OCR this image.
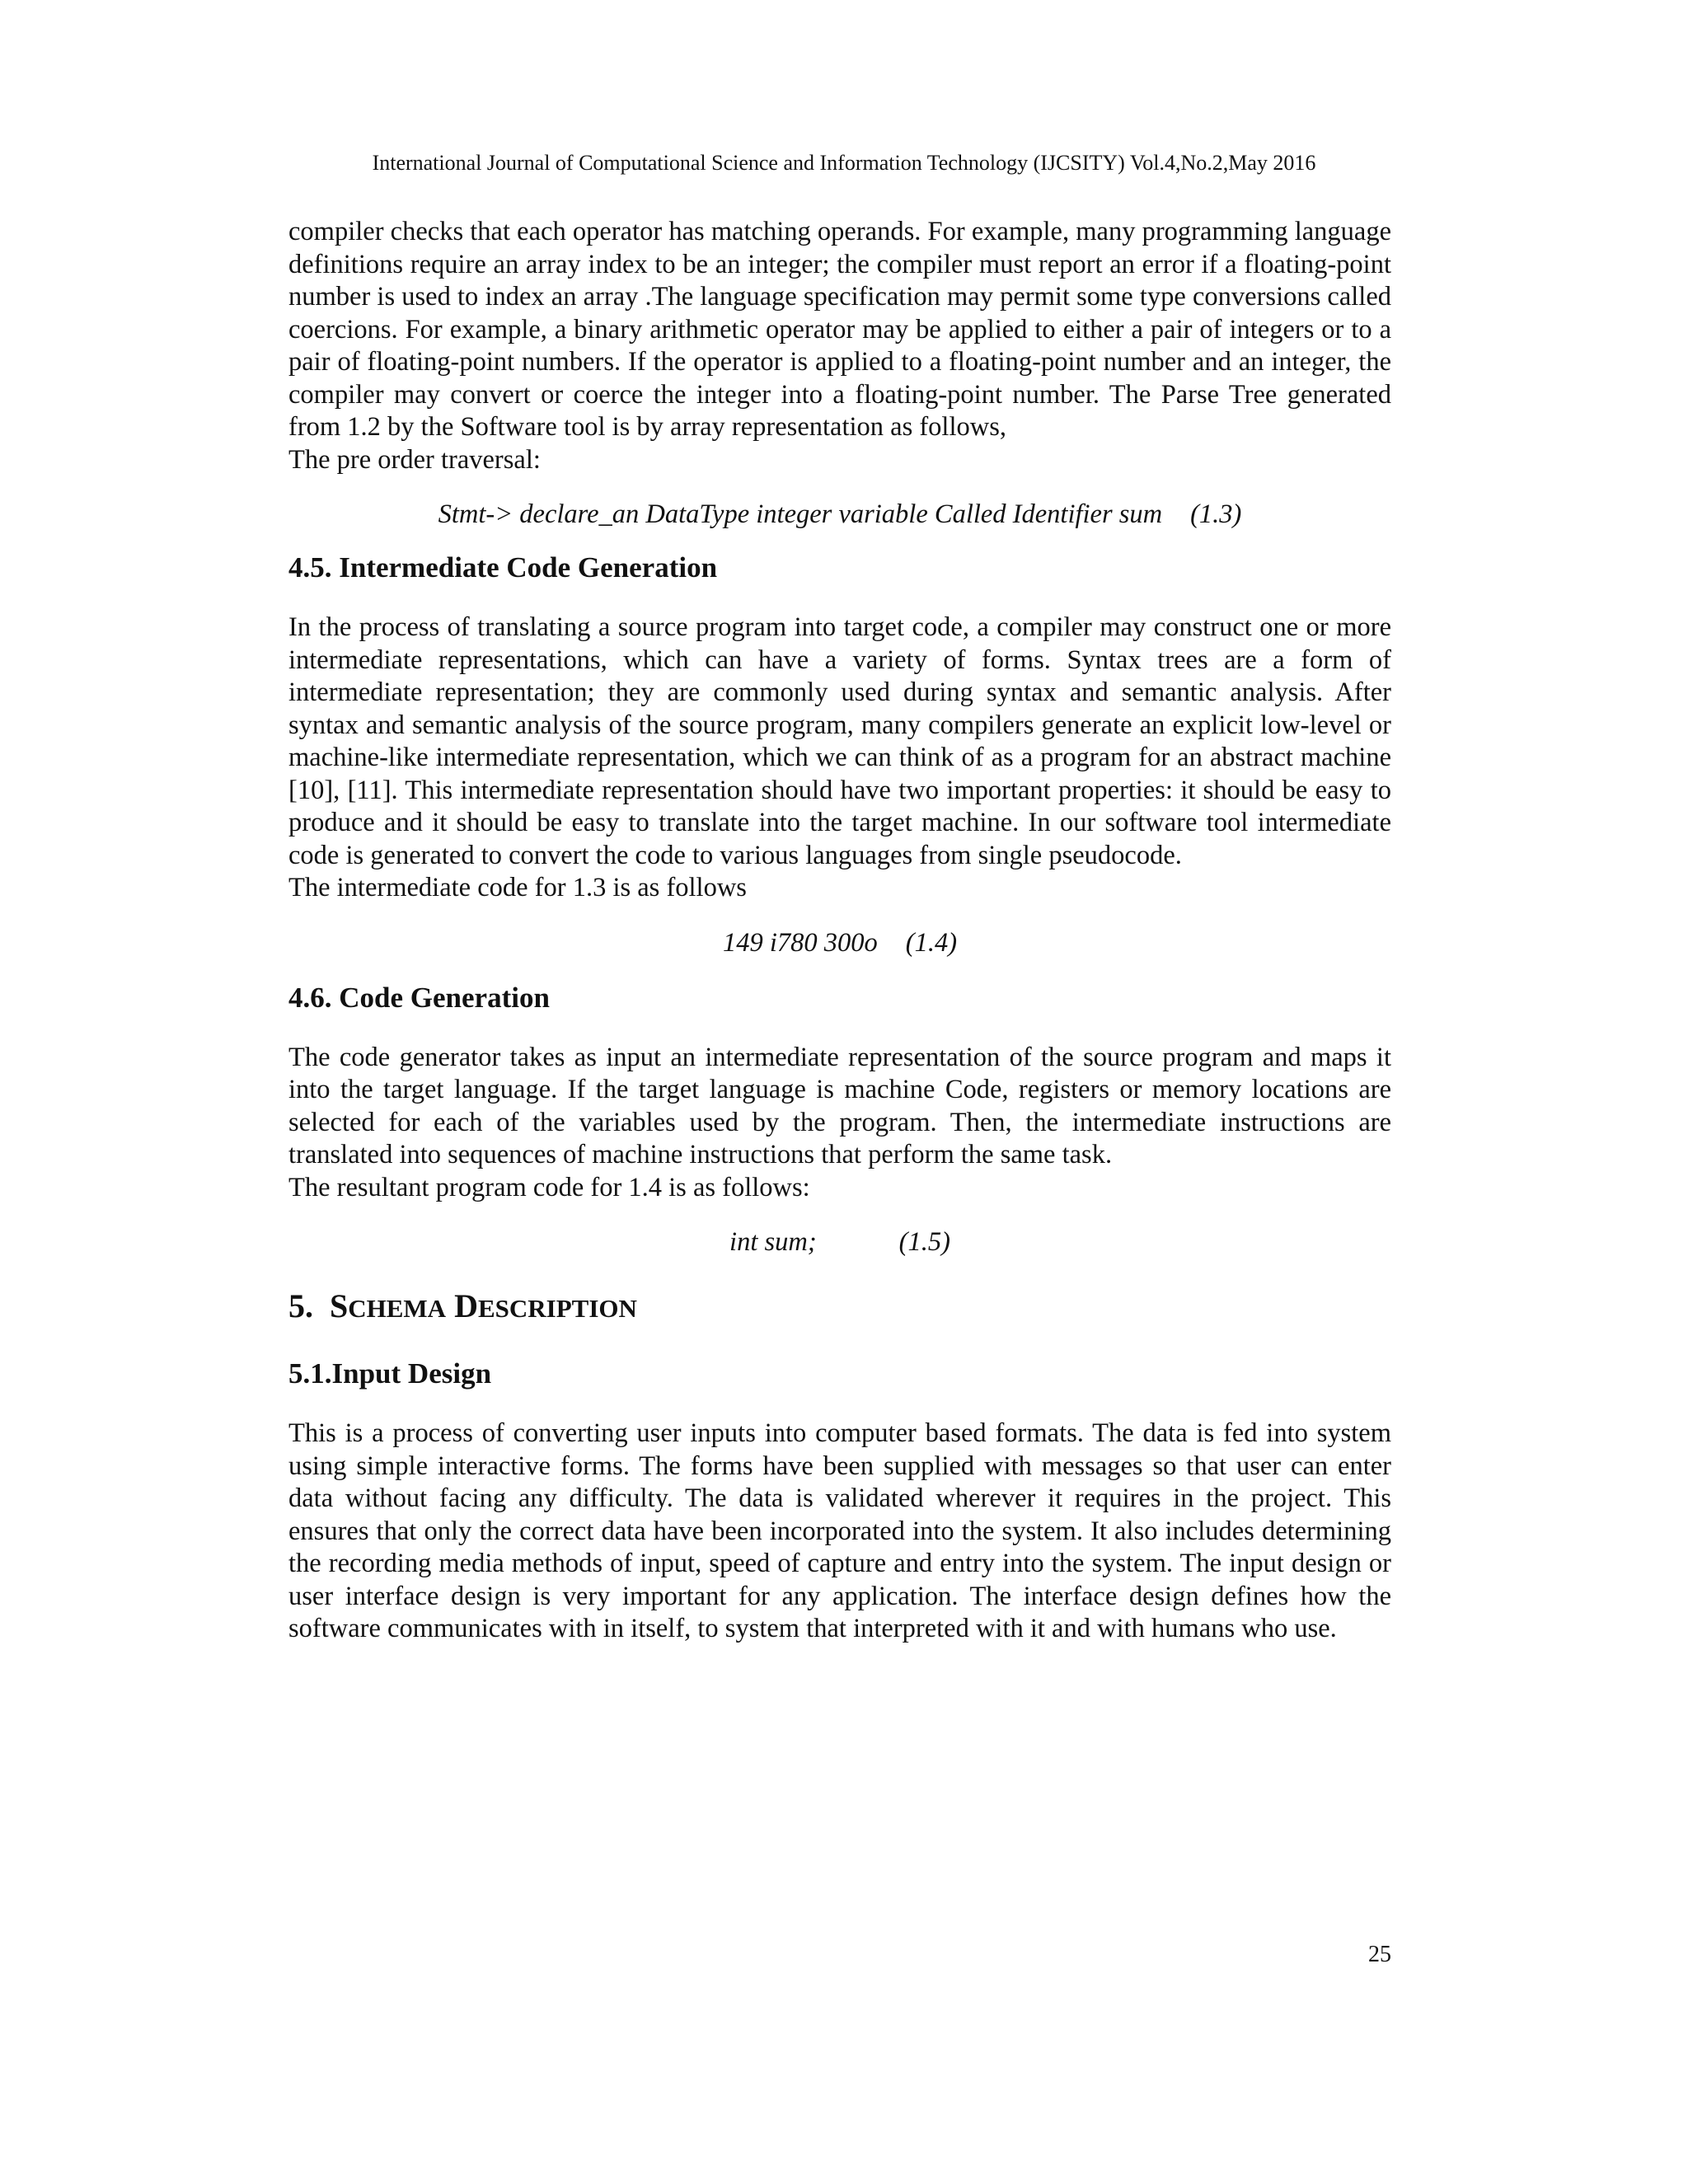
International Journal of Computational Science and Information Technology (IJCSITY) Vol.4,No.2,May 2016

compiler checks that each operator has matching operands. For example, many programming language definitions require an array index to be an integer; the compiler must report an error if a floating-point number is used to index an array .The language specification may permit some type conversions called coercions. For example, a binary arithmetic operator may be applied to either a pair of integers or to a pair of floating-point numbers. If the operator is applied to a floating-point number and an integer, the compiler may convert or coerce the integer into a floating-point number. The Parse Tree generated from 1.2 by the Software tool is by array representation as follows,

The pre order traversal:

Stmt-> declare_an DataType integer variable Called Identifier sum (1.3)
4.5. Intermediate Code Generation

In the process of translating a source program into target code, a compiler may construct one or more intermediate representations, which can have a variety of forms. Syntax trees are a form of intermediate representation; they are commonly used during syntax and semantic analysis. After syntax and semantic analysis of the source program, many compilers generate an explicit low-level or machine-like intermediate representation, which we can think of as a program for an abstract machine [10], [11]. This intermediate representation should have two important properties: it should be easy to produce and it should be easy to translate into the target machine. In our software tool intermediate code is generated to convert the code to various languages from single pseudocode.

The intermediate code for 1.3 is as follows

149 i780 300o (1.4)
4.6. Code Generation

The code generator takes as input an intermediate representation of the source program and maps it into the target language. If the target language is machine Code, registers or memory locations are selected for each of the variables used by the program. Then, the intermediate instructions are translated into sequences of machine instructions that perform the same task.

The resultant program code for 1.4 is as follows:

int sum;	(1.5)
5. SCHEMA DESCRIPTION
5.1.Input Design

This is a process of converting user inputs into computer based formats. The data is fed into system using simple interactive forms. The forms have been supplied with messages so that user can enter data without facing any difficulty. The data is validated wherever it requires in the project. This ensures that only the correct data have been incorporated into the system. It also includes determining the recording media methods of input, speed of capture and entry into the system. The input design or user interface design is very important for any application. The interface design defines how the software communicates with in itself, to system that interpreted with it and with humans who use.

25
